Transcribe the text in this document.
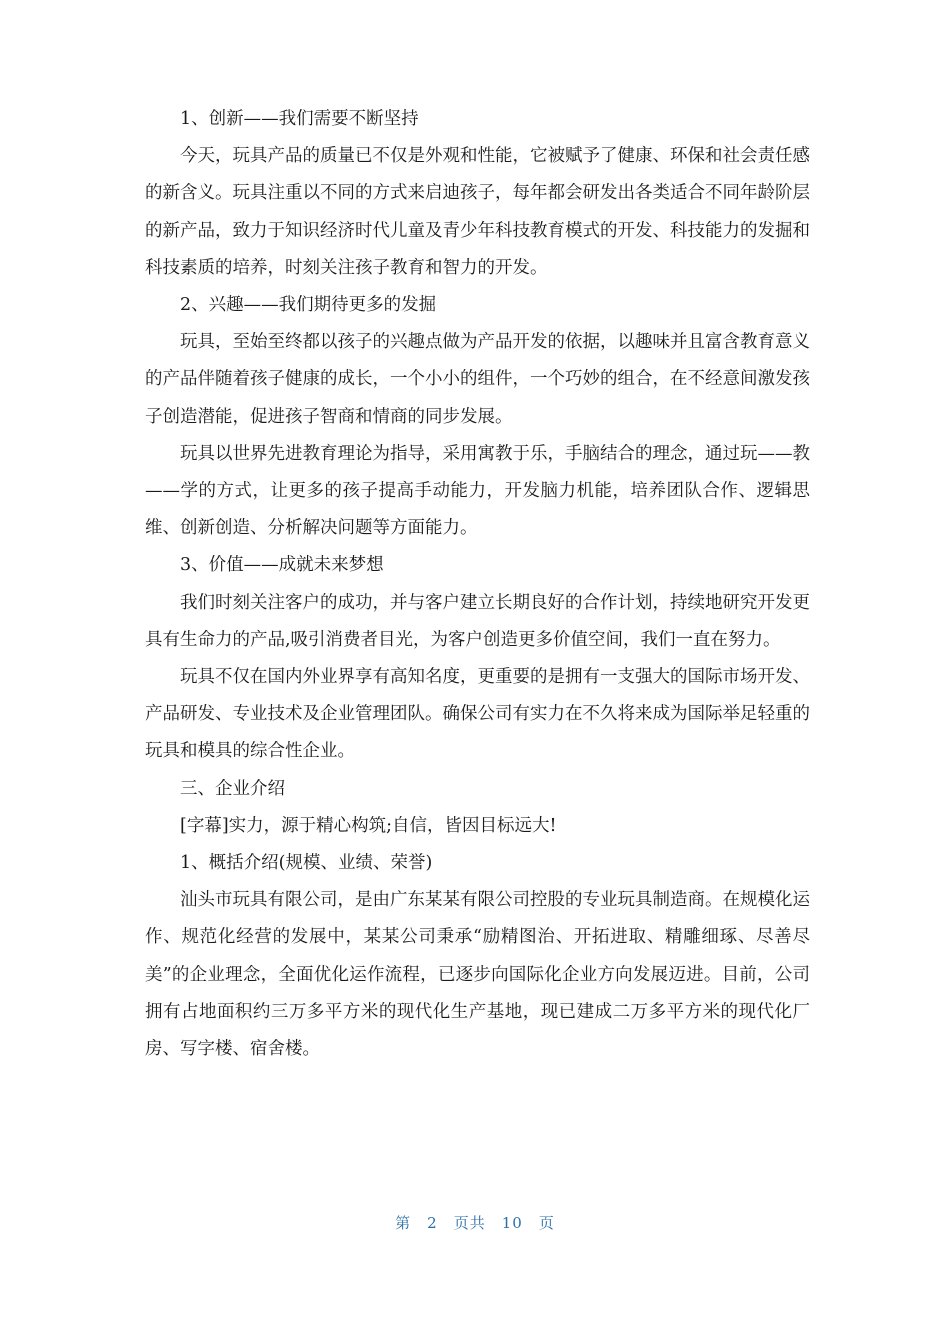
1、创新——我们需要不断坚持

今天，玩具产品的质量已不仅是外观和性能，它被赋予了健康、环保和社会责任感的新含义。玩具注重以不同的方式来启迪孩子，每年都会研发出各类适合不同年龄阶层的新产品，致力于知识经济时代儿童及青少年科技教育模式的开发、科技能力的发掘和科技素质的培养，时刻关注孩子教育和智力的开发。

2、兴趣——我们期待更多的发掘

玩具，至始至终都以孩子的兴趣点做为产品开发的依据，以趣味并且富含教育意义的产品伴随着孩子健康的成长，一个小小的组件，一个巧妙的组合，在不经意间激发孩子创造潜能，促进孩子智商和情商的同步发展。

玩具以世界先进教育理论为指导，采用寓教于乐，手脑结合的理念，通过玩——教——学的方式，让更多的孩子提高手动能力，开发脑力机能，培养团队合作、逻辑思维、创新创造、分析解决问题等方面能力。

3、价值——成就未来梦想

我们时刻关注客户的成功，并与客户建立长期良好的合作计划，持续地研究开发更具有生命力的产品,吸引消费者目光，为客户创造更多价值空间，我们一直在努力。

玩具不仅在国内外业界享有高知名度，更重要的是拥有一支强大的国际市场开发、产品研发、专业技术及企业管理团队。确保公司有实力在不久将来成为国际举足轻重的玩具和模具的综合性企业。

三、企业介绍

[字幕]实力，源于精心构筑;自信，皆因目标远大!

1、概括介绍(规模、业绩、荣誉)

汕头市玩具有限公司，是由广东某某有限公司控股的专业玩具制造商。在规模化运作、规范化经营的发展中，某某公司秉承“励精图治、开拓进取、精雕细琢、尽善尽美”的企业理念，全面优化运作流程，已逐步向国际化企业方向发展迈进。目前，公司拥有占地面积约三万多平方米的现代化生产基地，现已建成二万多平方米的现代化厂房、写字楼、宿舍楼。

第 2 页共 10 页
